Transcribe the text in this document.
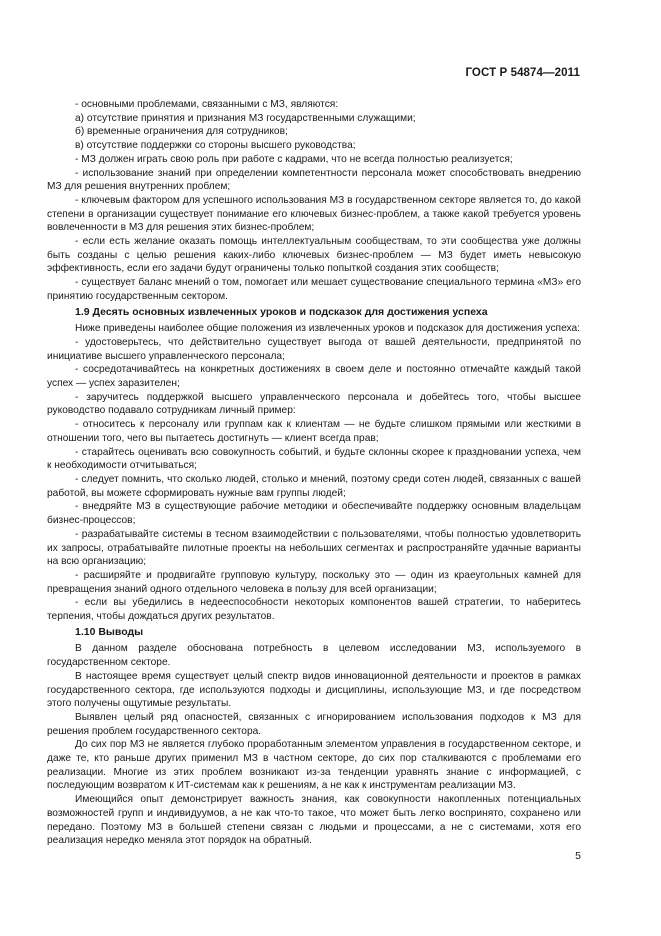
ГОСТ Р 54874—2011

- основными проблемами, связанными с МЗ, являются:

а) отсутствие принятия и признания МЗ государственными служащими;

б) временные ограничения для сотрудников;

в) отсутствие поддержки со стороны высшего руководства;

- МЗ должен играть свою роль при работе с кадрами, что не всегда полностью реализуется;

- использование знаний при определении компетентности персонала может способствовать внедрению МЗ для решения внутренних проблем;

- ключевым фактором для успешного использования МЗ в государственном секторе является то, до какой степени в организации существует понимание его ключевых бизнес-проблем, а также какой требуется уровень вовлеченности в МЗ для решения этих бизнес-проблем;

- если есть желание оказать помощь интеллектуальным сообществам, то эти сообщества уже должны быть созданы с целью решения каких-либо ключевых бизнес-проблем — МЗ будет иметь невысокую эффективность, если его задачи будут ограничены только попыткой создания этих сообществ;

- существует баланс мнений о том, помогает или мешает существование специального термина «МЗ» его принятию государственным сектором.

1.9 Десять основных извлеченных уроков и подсказок для достижения успеха

Ниже приведены наиболее общие положения из извлеченных уроков и подсказок для достижения успеха:

- удостоверьтесь, что действительно существует выгода от вашей деятельности, предпринятой по инициативе высшего управленческого персонала;

- сосредотачивайтесь на конкретных достижениях в своем деле и постоянно отмечайте каждый такой успех — успех заразителен;

- заручитесь поддержкой высшего управленческого персонала и добейтесь того, чтобы высшее руководство подавало сотрудникам личный пример:

- относитесь к персоналу или группам как к клиентам — не будьте слишком прямыми или жесткими в отношении того, чего вы пытаетесь достигнуть — клиент всегда прав;

- старайтесь оценивать всю совокупность событий, и будьте склонны скорее к праздновании успеха, чем к необходимости отчитываться;

- следует помнить, что сколько людей, столько и мнений, поэтому среди сотен людей, связанных с вашей работой, вы можете сформировать нужные вам группы людей;

- внедряйте МЗ в существующие рабочие методики и обеспечивайте поддержку основным владельцам бизнес-процессов;

- разрабатывайте системы в тесном взаимодействии с пользователями, чтобы полностью удовлетворить их запросы, отрабатывайте пилотные проекты на небольших сегментах и распространяйте удачные варианты на всю организацию;

- расширяйте и продвигайте групповую культуру, поскольку это — один из краеугольных камней для превращения знаний одного отдельного человека в пользу для всей организации;

- если вы убедились в недееспособности некоторых компонентов вашей стратегии, то наберитесь терпения, чтобы дождаться других результатов.

1.10 Выводы

В данном разделе обоснована потребность в целевом исследовании МЗ, используемого в государственном секторе.

В настоящее время существует целый спектр видов инновационной деятельности и проектов в рамках государственного сектора, где используются подходы и дисциплины, использующие МЗ, и где посредством этого получены ощутимые результаты.

Выявлен целый ряд опасностей, связанных с игнорированием использования подходов к МЗ для решения проблем государственного сектора.

До сих пор МЗ не является глубоко проработанным элементом управления в государственном секторе, и даже те, кто раньше других применил МЗ в частном секторе, до сих пор сталкиваются с проблемами его реализации. Многие из этих проблем возникают из-за тенденции уравнять знание с информацией, с последующим возвратом к ИТ-системам как к решениям, а не как к инструментам реализации МЗ.

Имеющийся опыт демонстрирует важность знания, как совокупности накопленных потенциальных возможностей групп и индивидуумов, а не как что-то такое, что может быть легко воспринято, сохранено или передано. Поэтому МЗ в большей степени связан с людьми и процессами, а не с системами, хотя его реализация нередко меняла этот порядок на обратный.

5
